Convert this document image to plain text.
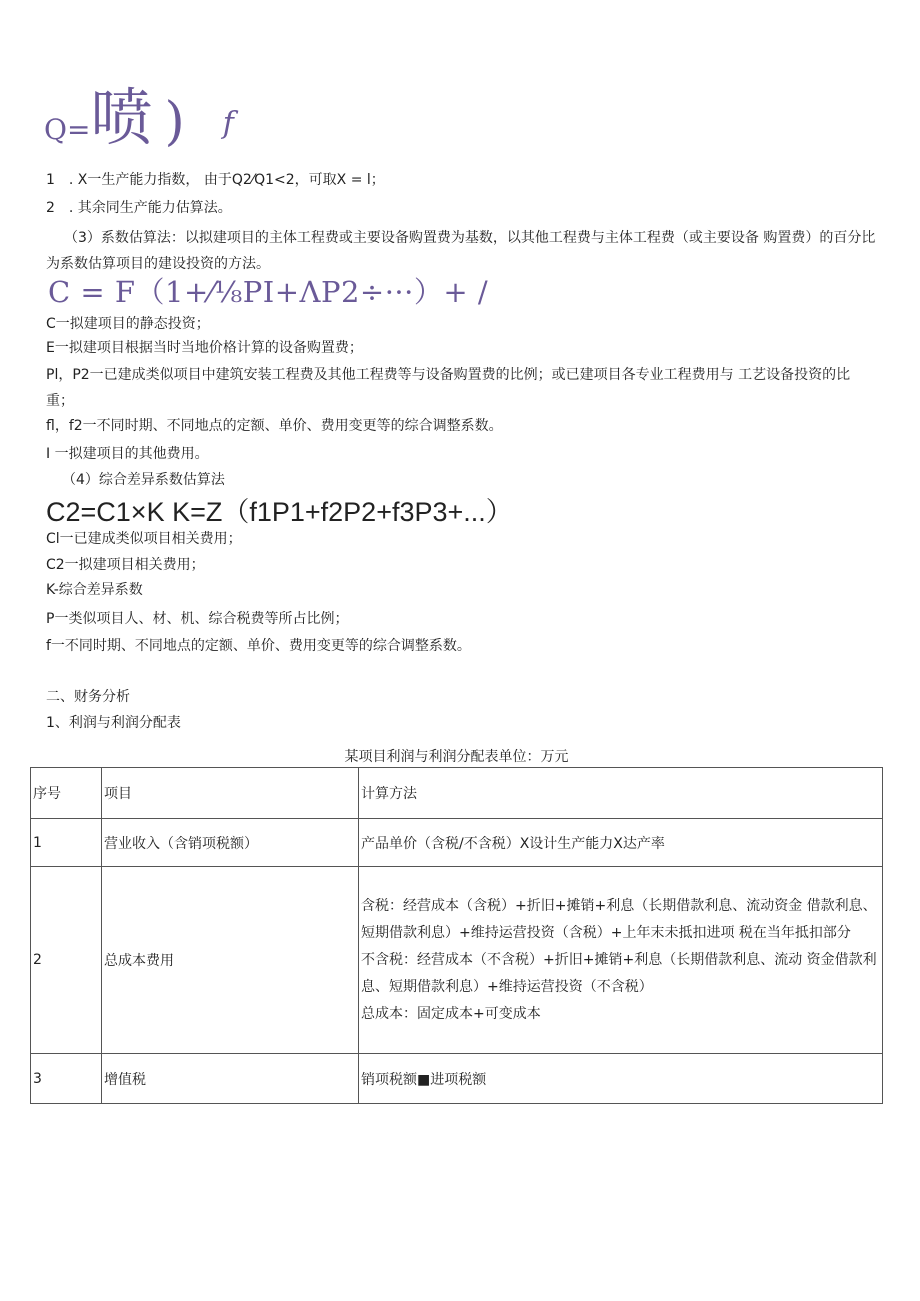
Q=喷 ) f
1　. X一生产能力指数， 由于Q2⁄Q1<2，可取X = l；
2　. 其余同生产能力估算法。
（3）系数估算法：以拟建项目的主体工程费或主要设备购置费为基数，以其他工程费与主体工程费（或主要设备 购置费）的百分比为系数估算项目的建设投资的方法。
C = F（1+⁄⅛PI+ΛP2÷···）+ /
C一拟建项目的静态投资；
E一拟建项目根据当时当地价格计算的设备购置费；
Pl，P2一已建成类似项目中建筑安装工程费及其他工程费等与设备购置费的比例；或已建项目各专业工程费用与 工艺设备投资的比重；
fl，f2一不同时期、不同地点的定额、单价、费用变更等的综合调整系数。
I 一拟建项目的其他费用。
（4）综合差异系数估算法
C2=C1×K K=Z（f1P1+f2P2+f3P3+...）
Cl一已建成类似项目相关费用；
C2一拟建项目相关费用；
K-综合差异系数
P一类似项目人、材、机、综合税费等所占比例；
f一不同时期、不同地点的定额、单价、费用变更等的综合调整系数。
二、财务分析
1、利润与利润分配表
某项目利润与利润分配表单位：万元
序号	项目	计算方法
1	营业收入（含销项税额）	产品单价（含税/不含税）X设计生产能力X达产率
2	总成本费用	含税：经营成本（含税）+折旧+摊销+利息（长期借款利息、流动资金 借款利息、短期借款利息）+维持运营投资（含税）+上年末未抵扣进项 税在当年抵扣部分
不含税：经营成本（不含税）+折旧+摊销+利息（长期借款利息、流动 资金借款利息、短期借款利息）+维持运营投资（不含税）
总成本：固定成本+可变成本

3	增值税	销项税额■进项税额
